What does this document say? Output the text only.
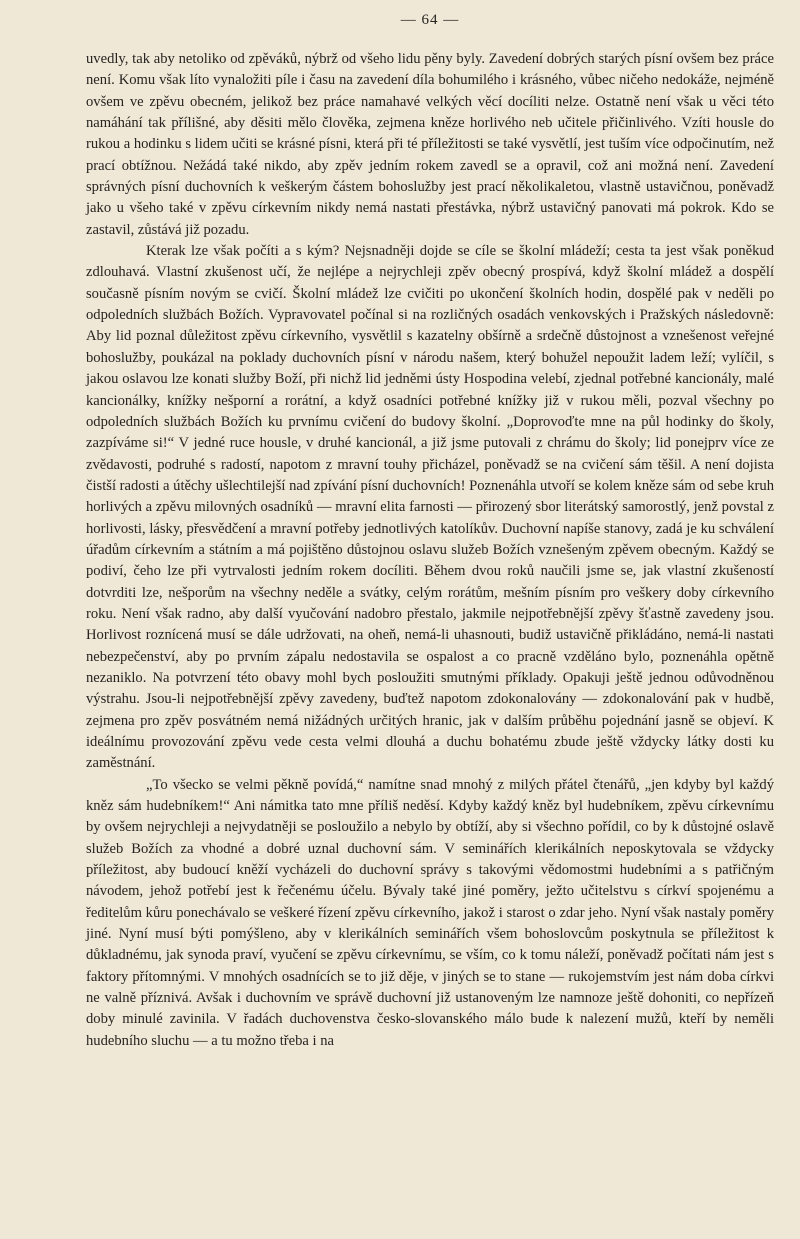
— 64 —

uvedly, tak aby netoliko od zpěváků, nýbrž od všeho lidu pěny byly. Zavedení dobrých starých písní ovšem bez práce není. Komu však líto vynaložiti píle i času na zavedení díla bohumilého i krásného, vůbec ničeho nedokáže, nejméně ovšem ve zpěvu obecném, jelikož bez práce namahavé velkých věcí docíliti nelze. Ostatně není však u věci této namáhání tak přílišné, aby děsiti mělo člověka, zejmena kněze horlivého neb učitele přičinlivého. Vzíti housle do rukou a hodinku s lidem učiti se krásné písni, která při té příležitosti se také vysvětlí, jest tuším více odpočinutím, než prací obtížnou. Nežádá také nikdo, aby zpěv jedním rokem zavedl se a opravil, což ani možná není. Zavedení správných písní duchovních k veškerým částem bohoslužby jest prací několikaletou, vlastně ustavičnou, poněvadž jako u všeho také v zpěvu církevním nikdy nemá nastati přestávka, nýbrž ustavičný panovati má pokrok. Kdo se zastavil, zůstává již pozadu.

Kterak lze však počíti a s kým? Nejsnadněji dojde se cíle se školní mládeží; cesta ta jest však poněkud zdlouhavá. Vlastní zkušenost učí, že nejlépe a nejrychleji zpěv obecný prospívá, když školní mládež a dospělí současně písním novým se cvičí. Školní mládež lze cvičiti po ukončení školních hodin, dospělé pak v neděli po odpoledních službách Božích. Vypravovatel počínal si na rozličných osadách venkovských i Pražských následovně: Aby lid poznal důležitost zpěvu církevního, vysvětlil s kazatelny obšírně a srdečně důstojnost a vznešenost veřejné bohoslužby, poukázal na poklady duchovních písní v národu našem, který bohužel nepoužit ladem leží; vylíčil, s jakou oslavou lze konati služby Boží, při nichž lid jedněmi ústy Hospodina velebí, zjednal potřebné kancionály, malé kancionálky, knížky nešporní a rorátní, a když osadníci potřebné knížky již v rukou měli, pozval všechny po odpoledních službách Božích ku prvnímu cvičení do budovy školní. „Doprovoďte mne na půl hodinky do školy, zazpíváme si!“ V jedné ruce housle, v druhé kancionál, a již jsme putovali z chrámu do školy; lid ponejprv více ze zvědavosti, podruhé s radostí, napotom z mravní touhy přicházel, poněvadž se na cvičení sám těšil. A není dojista čistší radosti a útěchy ušlechtilejší nad zpívání písní duchovních! Poznenáhla utvoří se kolem kněze sám od sebe kruh horlivých a zpěvu milovných osadníků — mravní elita farnosti — přirozený sbor literátský samorostlý, jenž povstal z horlivosti, lásky, přesvědčení a mravní potřeby jednotlivých katolíkův. Duchovní napíše stanovy, zadá je ku schválení úřadům církevním a státním a má pojištěno důstojnou oslavu služeb Božích vznešeným zpěvem obecným. Každý se podiví, čeho lze při vytrvalosti jedním rokem docíliti. Během dvou roků naučili jsme se, jak vlastní zkušeností dotvrditi lze, nešporům na všechny neděle a svátky, celým rorátům, mešním písním pro veškery doby církevního roku. Není však radno, aby další vyučování nadobro přestalo, jakmile nejpotřebnější zpěvy šťastně zavedeny jsou. Horlivost roznícená musí se dále udržovati, na oheň, nemá-li uhasnouti, budiž ustavičně přikládáno, nemá-li nastati nebezpečenství, aby po prvním zápalu nedostavila se ospalost a co pracně vzděláno bylo, poznenáhla opětně nezaniklo. Na potvrzení této obavy mohl bych posloužiti smutnými příklady. Opakuji ještě jednou odůvodněnou výstrahu. Jsou-li nejpotřebnější zpěvy zavedeny, buďtež napotom zdokonalovány — zdokonalování pak v hudbě, zejmena pro zpěv posvátném nemá nižádných určitých hranic, jak v dalším průběhu pojednání jasně se objeví. K ideálnímu provozování zpěvu vede cesta velmi dlouhá a duchu bohatému zbude ještě vždycky látky dosti ku zaměstnání.

„To všecko se velmi pěkně povídá,“ namítne snad mnohý z milých přátel čtenářů, „jen kdyby byl každý kněz sám hudebníkem!“ Ani námitka tato mne příliš neděsí. Kdyby každý kněz byl hudebníkem, zpěvu církevnímu by ovšem nejrychleji a nejvydatněji se posloužilo a nebylo by obtíží, aby si všechno pořídil, co by k důstojné oslavě služeb Božích za vhodné a dobré uznal duchovní sám. V seminářích klerikálních neposkytovala se vždycky příležitost, aby budoucí kněží vycházeli do duchovní správy s takovými vědomostmi hudebními a s patřičným návodem, jehož potřebí jest k řečenému účelu. Bývaly také jiné poměry, ježto učitelstvu s církví spojenému a ředitelům kůru ponechávalo se veškeré řízení zpěvu církevního, jakož i starost o zdar jeho. Nyní však nastaly poměry jiné. Nyní musí býti pomýšleno, aby v klerikálních seminářích všem bohoslovcům poskytnula se příležitost k důkladnému, jak synoda praví, vyučení se zpěvu církevnímu, se vším, co k tomu náleží, poněvadž počítati nám jest s faktory přítomnými. V mnohých osadnících se to již děje, v jiných se to stane — rukojemstvím jest nám doba církvi ne valně příznivá. Avšak i duchovním ve správě duchovní již ustanoveným lze namnoze ještě dohoniti, co nepřízeň doby minulé zavinila. V řadách duchovenstva česko-slovanského málo bude k nalezení mužů, kteří by neměli hudebního sluchu — a tu možno třeba i na
